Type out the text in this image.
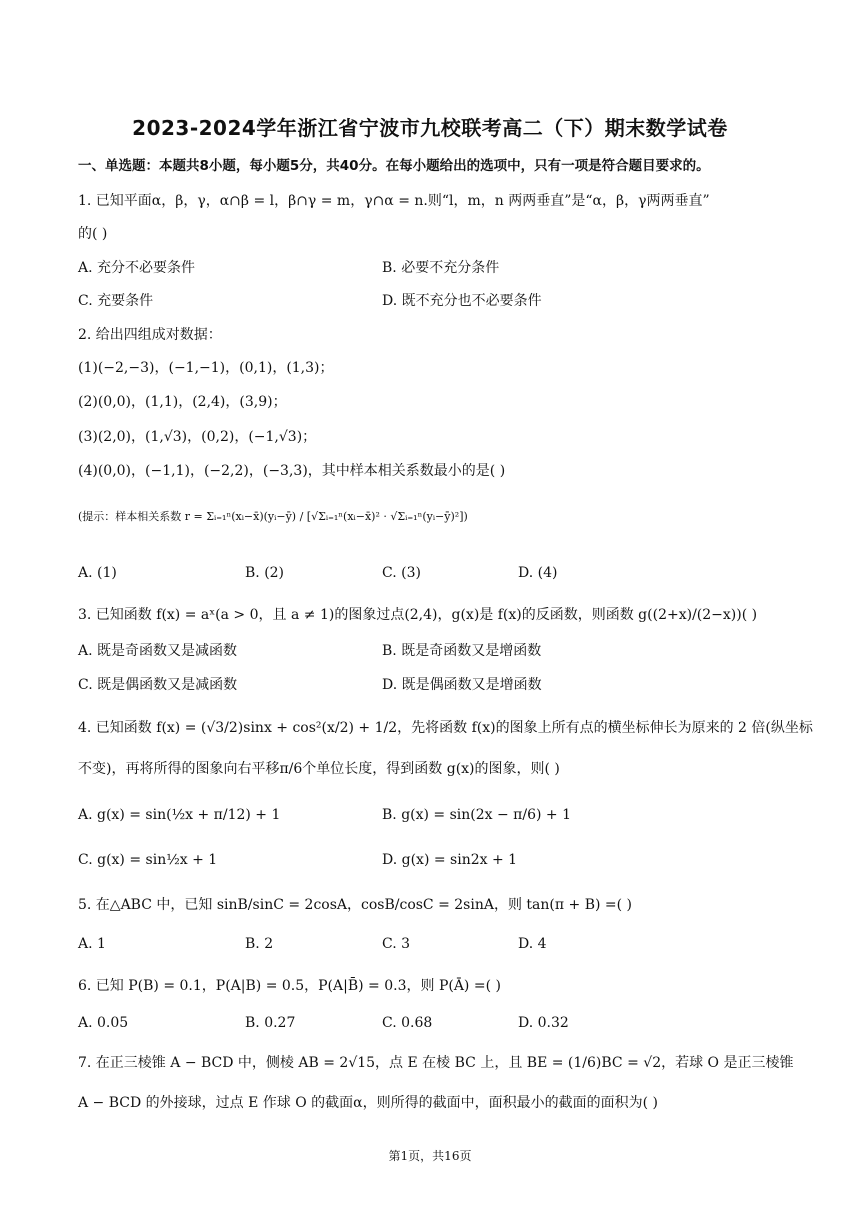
2023-2024学年浙江省宁波市九校联考高二（下）期末数学试卷
一、单选题：本题共8小题，每小题5分，共40分。在每小题给出的选项中，只有一项是符合题目要求的。
1. 已知平面α，β，γ，α∩β = l，β∩γ = m，γ∩α = n.则“l，m，n 两两垂直”是“α，β，γ两两垂直”
的( )
A. 充分不必要条件	B. 必要不充分条件
C. 充要条件	D. 既不充分也不必要条件
2. 给出四组成对数据：
(1)(−2,−3)，(−1,−1)，(0,1)，(1,3)；
(2)(0,0)，(1,1)，(2,4)，(3,9)；
(3)(2,0)，(1,√3)，(0,2)，(−1,√3)；
(4)(0,0)，(−1,1)，(−2,2)，(−3,3)，其中样本相关系数最小的是( )
(提示：样本相关系数 r = Σᵢ₌₁ⁿ(xᵢ−x̄)(yᵢ−ȳ) / [√Σᵢ₌₁ⁿ(xᵢ−x̄)² · √Σᵢ₌₁ⁿ(yᵢ−ȳ)²])
A. (1)	B. (2)	C. (3)	D. (4)
3. 已知函数 f(x) = aˣ(a > 0，且 a ≠ 1)的图象过点(2,4)，g(x)是 f(x)的反函数，则函数 g((2+x)/(2−x))( )
A. 既是奇函数又是减函数	B. 既是奇函数又是增函数
C. 既是偶函数又是减函数	D. 既是偶函数又是增函数
4. 已知函数 f(x) = (√3/2)sinx + cos²(x/2) + 1/2，先将函数 f(x)的图象上所有点的横坐标伸长为原来的 2 倍(纵坐标
不变)，再将所得的图象向右平移π/6个单位长度，得到函数 g(x)的图象，则( )
A. g(x) = sin(½x + π/12) + 1	B. g(x) = sin(2x − π/6) + 1
C. g(x) = sin½x + 1	D. g(x) = sin2x + 1
5. 在△ABC 中，已知 sinB/sinC = 2cosA，cosB/cosC = 2sinA，则 tan(π + B) =( )
A. 1	B. 2	C. 3	D. 4
6. 已知 P(B) = 0.1，P(A|B) = 0.5，P(A|B̄) = 0.3，则 P(Ā) =( )
A. 0.05	B. 0.27	C. 0.68	D. 0.32
7. 在正三棱锥 A − BCD 中，侧棱 AB = 2√15，点 E 在棱 BC 上，且 BE = (1/6)BC = √2，若球 O 是正三棱锥
A − BCD 的外接球，过点 E 作球 O 的截面α，则所得的截面中，面积最小的截面的面积为( )
第1页，共16页
